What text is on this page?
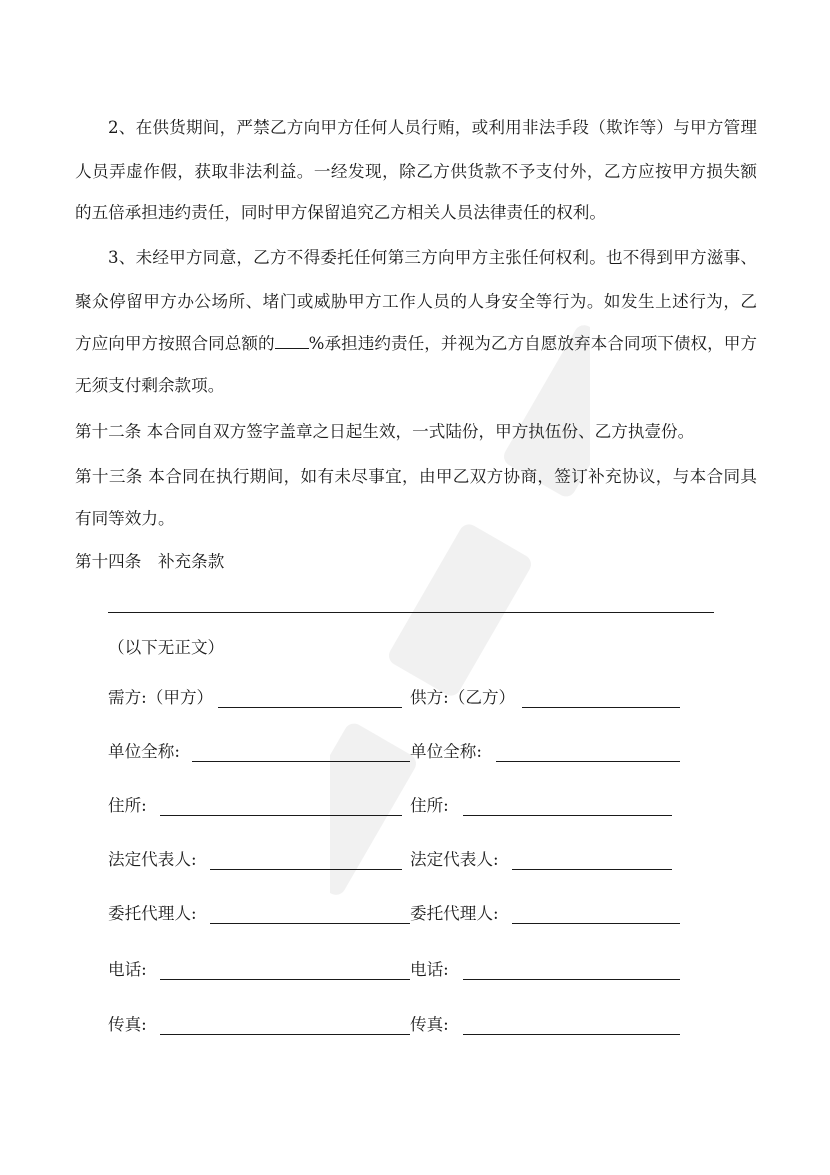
2、在供货期间，严禁乙方向甲方任何人员行贿，或利用非法手段（欺诈等）与甲方管理
人员弄虚作假，获取非法利益。一经发现，除乙方供货款不予支付外，乙方应按甲方损失额
的五倍承担违约责任，同时甲方保留追究乙方相关人员法律责任的权利。
3、未经甲方同意，乙方不得委托任何第三方向甲方主张任何权利。也不得到甲方滋事、
聚众停留甲方办公场所、堵门或威胁甲方工作人员的人身安全等行为。如发生上述行为，乙
方应向甲方按照合同总额的 %承担违约责任，并视为乙方自愿放弃本合同项下债权，甲方
无须支付剩余款项。
第十二条 本合同自双方签字盖章之日起生效，一式陆份，甲方执伍份、乙方执壹份。
第十三条 本合同在执行期间，如有未尽事宜，由甲乙双方协商，签订补充协议，与本合同具
有同等效力。
第十四条　补充条款
（以下无正文）
需方:（甲方）	供方:（乙方）
单位全称:	单位全称:
住所:	住所:
法定代表人:	法定代表人:
委托代理人:	委托代理人:
电话:	电话:
传真:	传真:
